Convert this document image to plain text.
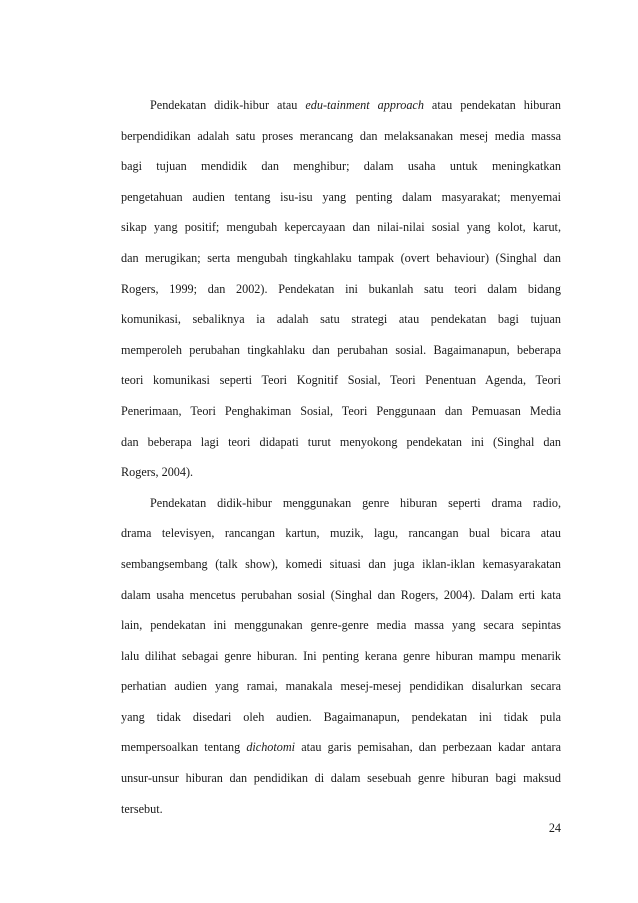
Pendekatan didik-hibur atau edu-tainment approach atau pendekatan hiburan
berpendidikan adalah satu proses merancang dan melaksanakan mesej media massa
bagi tujuan mendidik dan menghibur; dalam usaha untuk meningkatkan
pengetahuan audien tentang isu-isu yang penting dalam masyarakat; menyemai
sikap yang positif; mengubah kepercayaan dan nilai-nilai sosial yang kolot, karut,
dan merugikan; serta mengubah tingkahlaku tampak (overt behaviour) (Singhal dan
Rogers, 1999; dan 2002). Pendekatan ini bukanlah satu teori dalam bidang
komunikasi, sebaliknya ia adalah satu strategi atau pendekatan bagi tujuan
memperoleh perubahan tingkahlaku dan perubahan sosial. Bagaimanapun, beberapa
teori komunikasi seperti Teori Kognitif Sosial, Teori Penentuan Agenda, Teori
Penerimaan, Teori Penghakiman Sosial, Teori Penggunaan dan Pemuasan Media
dan beberapa lagi teori didapati turut menyokong pendekatan ini (Singhal dan
Rogers, 2004).
Pendekatan didik-hibur menggunakan genre hiburan seperti drama radio,
drama televisyen, rancangan kartun, muzik, lagu, rancangan bual bicara atau
sembangsembang (talk show), komedi situasi dan juga iklan-iklan kemasyarakatan
dalam usaha mencetus perubahan sosial (Singhal dan Rogers, 2004). Dalam erti kata
lain, pendekatan ini menggunakan genre-genre media massa yang secara sepintas
lalu dilihat sebagai genre hiburan. Ini penting kerana genre hiburan mampu menarik
perhatian audien yang ramai, manakala mesej-mesej pendidikan disalurkan secara
yang tidak disedari oleh audien. Bagaimanapun, pendekatan ini tidak pula
mempersoalkan tentang dichotomi atau garis pemisahan, dan perbezaan kadar antara
unsur-unsur hiburan dan pendidikan di dalam sesebuah genre hiburan bagi maksud
tersebut.
24
